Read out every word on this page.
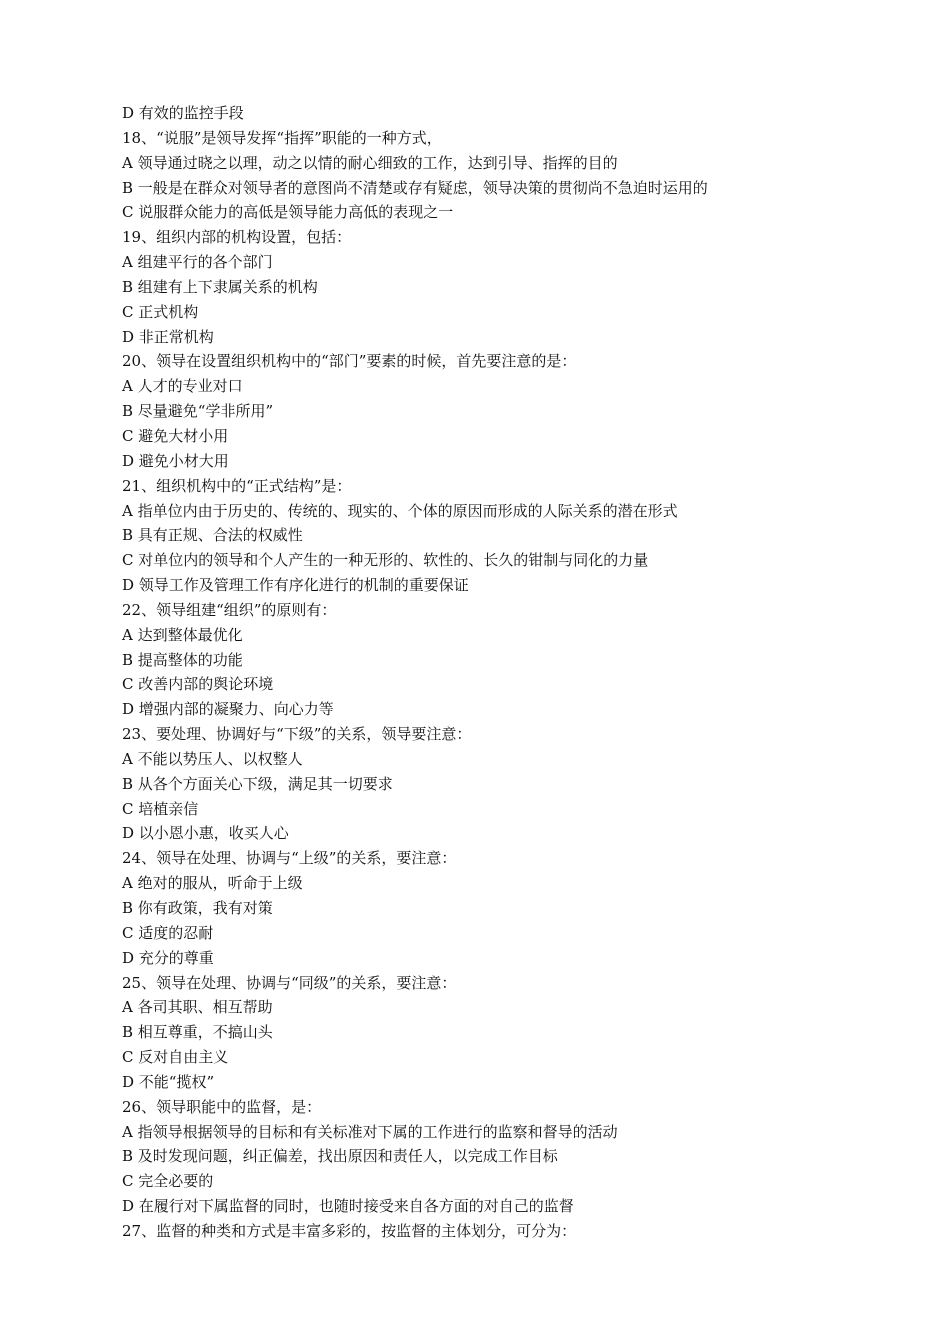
D 有效的监控手段
18、“说服”是领导发挥“指挥”职能的一种方式，
A 领导通过晓之以理，动之以情的耐心细致的工作，达到引导、指挥的目的
B 一般是在群众对领导者的意图尚不清楚或存有疑虑，领导决策的贯彻尚不急迫时运用的
C 说服群众能力的高低是领导能力高低的表现之一
19、组织内部的机构设置，包括：
A 组建平行的各个部门
B 组建有上下隶属关系的机构
C 正式机构
D 非正常机构
20、领导在设置组织机构中的“部门”要素的时候，首先要注意的是：
A 人才的专业对口
B 尽量避免“学非所用”
C 避免大材小用
D 避免小材大用
21、组织机构中的“正式结构”是：
A 指单位内由于历史的、传统的、现实的、个体的原因而形成的人际关系的潜在形式
B 具有正规、合法的权威性
C 对单位内的领导和个人产生的一种无形的、软性的、长久的钳制与同化的力量
D 领导工作及管理工作有序化进行的机制的重要保证
22、领导组建“组织”的原则有：
A 达到整体最优化
B 提高整体的功能
C 改善内部的舆论环境
D 增强内部的凝聚力、向心力等
23、要处理、协调好与“下级”的关系，领导要注意：
A 不能以势压人、以权整人
B 从各个方面关心下级，满足其一切要求
C 培植亲信
D 以小恩小惠，收买人心
24、领导在处理、协调与“上级”的关系，要注意：
A 绝对的服从，听命于上级
B 你有政策，我有对策
C 适度的忍耐
D 充分的尊重
25、领导在处理、协调与“同级”的关系，要注意：
A 各司其职、相互帮助
B 相互尊重，不搞山头
C 反对自由主义
D 不能“揽权”
26、领导职能中的监督，是：
A 指领导根据领导的目标和有关标准对下属的工作进行的监察和督导的活动
B 及时发现问题，纠正偏差，找出原因和责任人，以完成工作目标
C 完全必要的
D 在履行对下属监督的同时，也随时接受来自各方面的对自己的监督
27、监督的种类和方式是丰富多彩的，按监督的主体划分，可分为：
